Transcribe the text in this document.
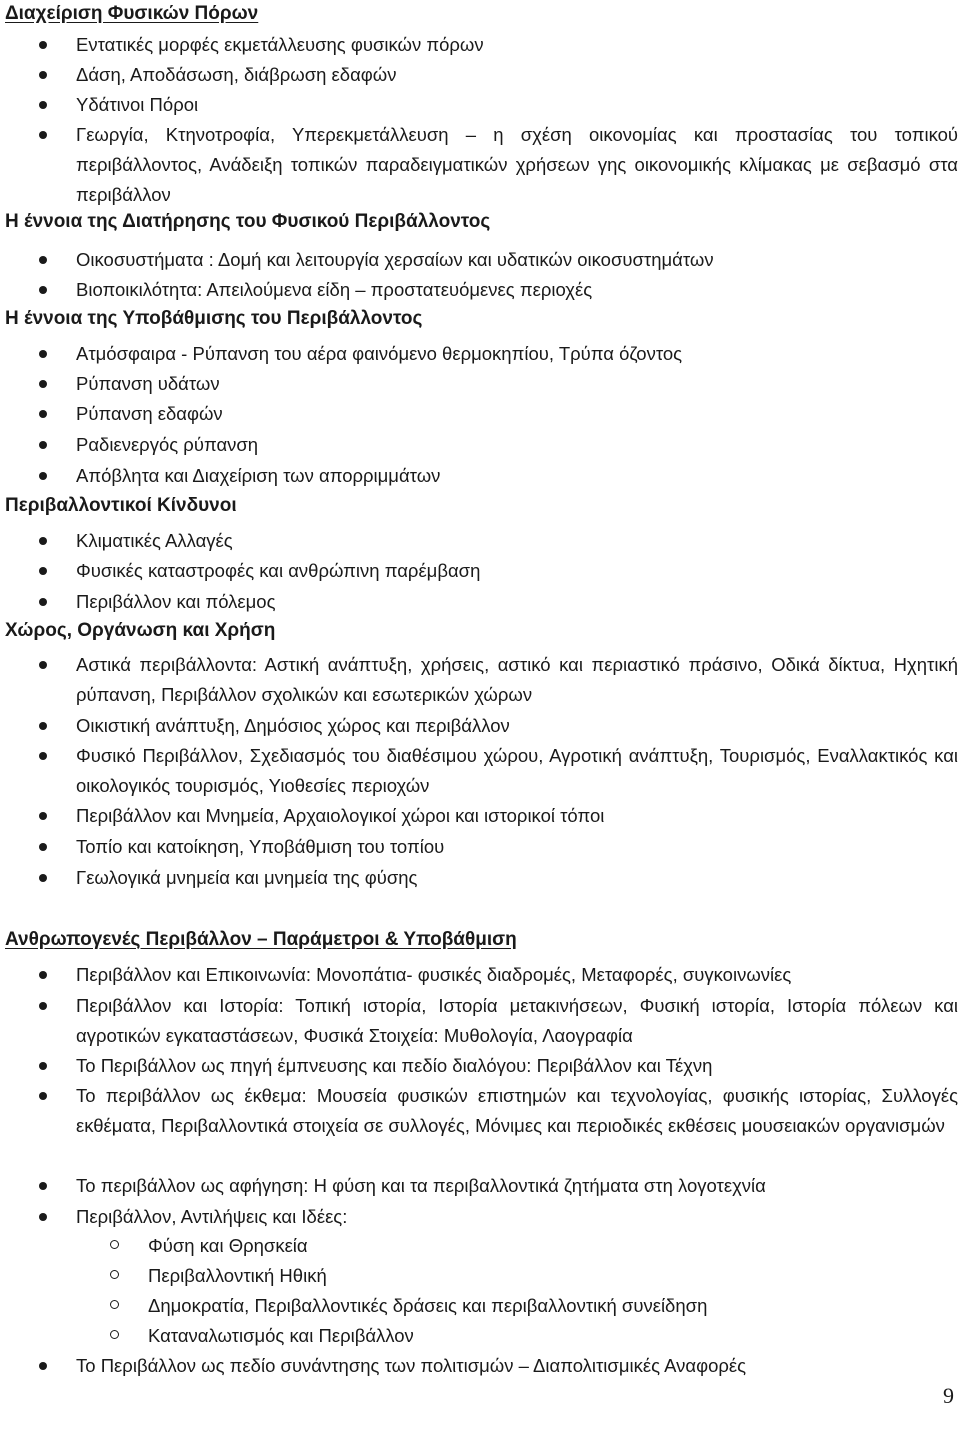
Διαχείριση Φυσικών Πόρων
Εντατικές μορφές εκμετάλλευσης φυσικών πόρων
Δάση, Αποδάσωση, διάβρωση εδαφών
Υδάτινοι Πόροι
Γεωργία, Κτηνοτροφία, Υπερεκμετάλλευση – η σχέση οικονομίας και προστασίας του τοπικού περιβάλλοντος, Ανάδειξη τοπικών παραδειγματικών χρήσεων γης οικονομικής κλίμακας με σεβασμό στα περιβάλλον
Η έννοια της Διατήρησης του Φυσικού Περιβάλλοντος
Οικοσυστήματα : Δομή και λειτουργία χερσαίων και υδατικών οικοσυστημάτων
Βιοποικιλότητα: Απειλούμενα είδη – προστατευόμενες περιοχές
Η έννοια της Υποβάθμισης του Περιβάλλοντος
Ατμόσφαιρα - Ρύπανση του αέρα φαινόμενο θερμοκηπίου, Τρύπα όζοντος
Ρύπανση υδάτων
Ρύπανση εδαφών
Ραδιενεργός ρύπανση
Απόβλητα και Διαχείριση των απορριμμάτων
Περιβαλλοντικοί Κίνδυνοι
Κλιματικές Αλλαγές
Φυσικές καταστροφές και ανθρώπινη παρέμβαση
Περιβάλλον και πόλεμος
Χώρος, Οργάνωση και Χρήση
Αστικά περιβάλλοντα: Αστική ανάπτυξη, χρήσεις, αστικό και περιαστικό πράσινο, Οδικά δίκτυα, Ηχητική ρύπανση, Περιβάλλον σχολικών και εσωτερικών χώρων
Οικιστική ανάπτυξη, Δημόσιος χώρος και περιβάλλον
Φυσικό Περιβάλλον, Σχεδιασμός του διαθέσιμου χώρου, Αγροτική ανάπτυξη, Τουρισμός, Εναλλακτικός και οικολογικός τουρισμός, Υιοθεσίες περιοχών
Περιβάλλον και Μνημεία, Αρχαιολογικοί χώροι και ιστορικοί τόποι
Τοπίο και κατοίκηση, Υποβάθμιση του τοπίου
Γεωλογικά μνημεία και μνημεία της φύσης
Ανθρωπογενές Περιβάλλον – Παράμετροι & Υποβάθμιση
Περιβάλλον και Επικοινωνία: Μονοπάτια- φυσικές διαδρομές, Μεταφορές, συγκοινωνίες
Περιβάλλον και Ιστορία: Τοπική ιστορία, Ιστορία μετακινήσεων, Φυσική ιστορία, Ιστορία πόλεων και αγροτικών εγκαταστάσεων, Φυσικά Στοιχεία: Μυθολογία, Λαογραφία
Το Περιβάλλον ως πηγή έμπνευσης και πεδίο διαλόγου: Περιβάλλον και Τέχνη
Το περιβάλλον ως έκθεμα: Μουσεία φυσικών επιστημών και τεχνολογίας, φυσικής ιστορίας, Συλλογές εκθέματα, Περιβαλλοντικά στοιχεία σε συλλογές, Μόνιμες και περιοδικές εκθέσεις μουσειακών οργανισμών
Το περιβάλλον ως αφήγηση: Η φύση και τα περιβαλλοντικά ζητήματα στη λογοτεχνία
Περιβάλλον, Αντιλήψεις και Ιδέες:
Φύση και Θρησκεία
Περιβαλλοντική Ηθική
Δημοκρατία, Περιβαλλοντικές δράσεις και περιβαλλοντική συνείδηση
Καταναλωτισμός και Περιβάλλον
Το Περιβάλλον ως πεδίο συνάντησης των πολιτισμών – Διαπολιτισμικές Αναφορές
9
